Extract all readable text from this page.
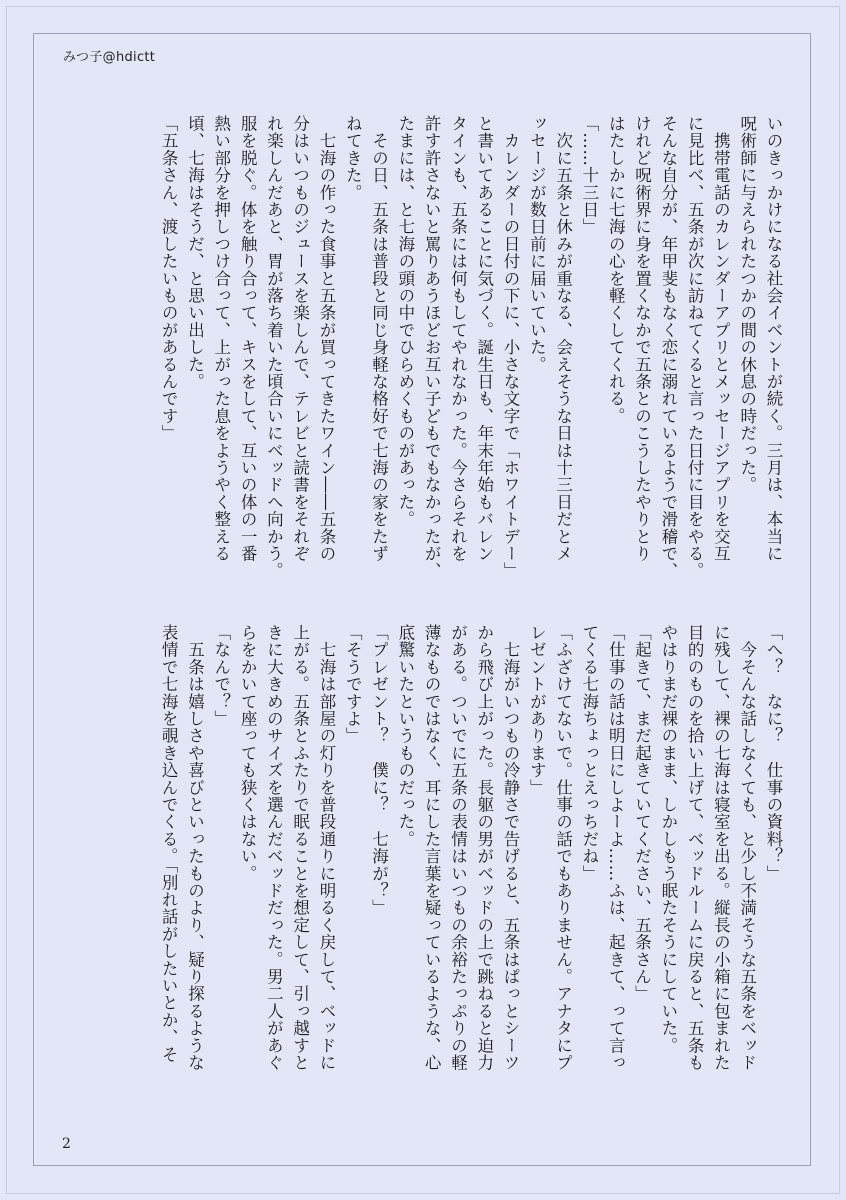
みつ子@hdictt
いのきっかけになる社会イベントが続く。三月は、本当に
呪術師に与えられたつかの間の休息の時だった。
　携帯電話のカレンダーアプリとメッセージアプリを交互
に見比べ、五条が次に訪ねてくると言った日付に目をやる。
そんな自分が、年甲斐もなく恋に溺れているようで滑稽で、
けれど呪術界に身を置くなかで五条とのこうしたやりとり
はたしかに七海の心を軽くしてくれる。
「……十三日」
　次に五条と休みが重なる、会えそうな日は十三日だとメ
ッセージが数日前に届いていた。
　カレンダーの日付の下に、小さな文字で「ホワイトデー」
と書いてあることに気づく。誕生日も、年末年始もバレン
タインも、五条には何もしてやれなかった。今さらそれを
許す許さないと罵りあうほどお互い子どもでもなかったが、
たまには、と七海の頭の中でひらめくものがあった。
　その日、五条は普段と同じ身軽な格好で七海の家をたず
ねてきた。
　七海の作った食事と五条が買ってきたワイン――五条の
分はいつものジュースを楽しんで、テレビと読書をそれぞ
れ楽しんだあと、胃が落ち着いた頃合いにベッドへ向かう。
服を脱ぐ。体を触り合って、キスをして、互いの体の一番
熱い部分を押しつけ合って、上がった息をようやく整える
頃、七海はそうだ、と思い出した。
「五条さん、渡したいものがあるんです」
「へ？　なに？　仕事の資料？」
　今そんな話しなくても、と少し不満そうな五条をベッド
に残して、裸の七海は寝室を出る。縦長の小箱に包まれた
目的のものを拾い上げて、ベッドルームに戻ると、五条も
やはりまだ裸のまま、しかしもう眠たそうにしていた。
「起きて、まだ起きていてください、五条さん」
「仕事の話は明日にしよーよ……ふは、起きて、って言っ
てくる七海ちょっとえっちだね」
「ふざけてないで。仕事の話でもありません。アナタにプ
レゼントがあります」
　七海がいつもの冷静さで告げると、五条はぱっとシーツ
から飛び上がった。長躯の男がベッドの上で跳ねると迫力
がある。ついでに五条の表情はいつもの余裕たっぷりの軽
薄なものではなく、耳にした言葉を疑っているような、心
底驚いたというものだった。
「プレゼント？　僕に？　七海が？」
「そうですよ」
　七海は部屋の灯りを普段通りに明るく戻して、ベッドに
上がる。五条とふたりで眠ることを想定して、引っ越すと
きに大きめのサイズを選んだベッドだった。男二人があぐ
らをかいて座っても狭くはない。
「なんで？」
　五条は嬉しさや喜びといったものより、疑り探るような
表情で七海を覗き込んでくる。「別れ話がしたいとか、そ
2
